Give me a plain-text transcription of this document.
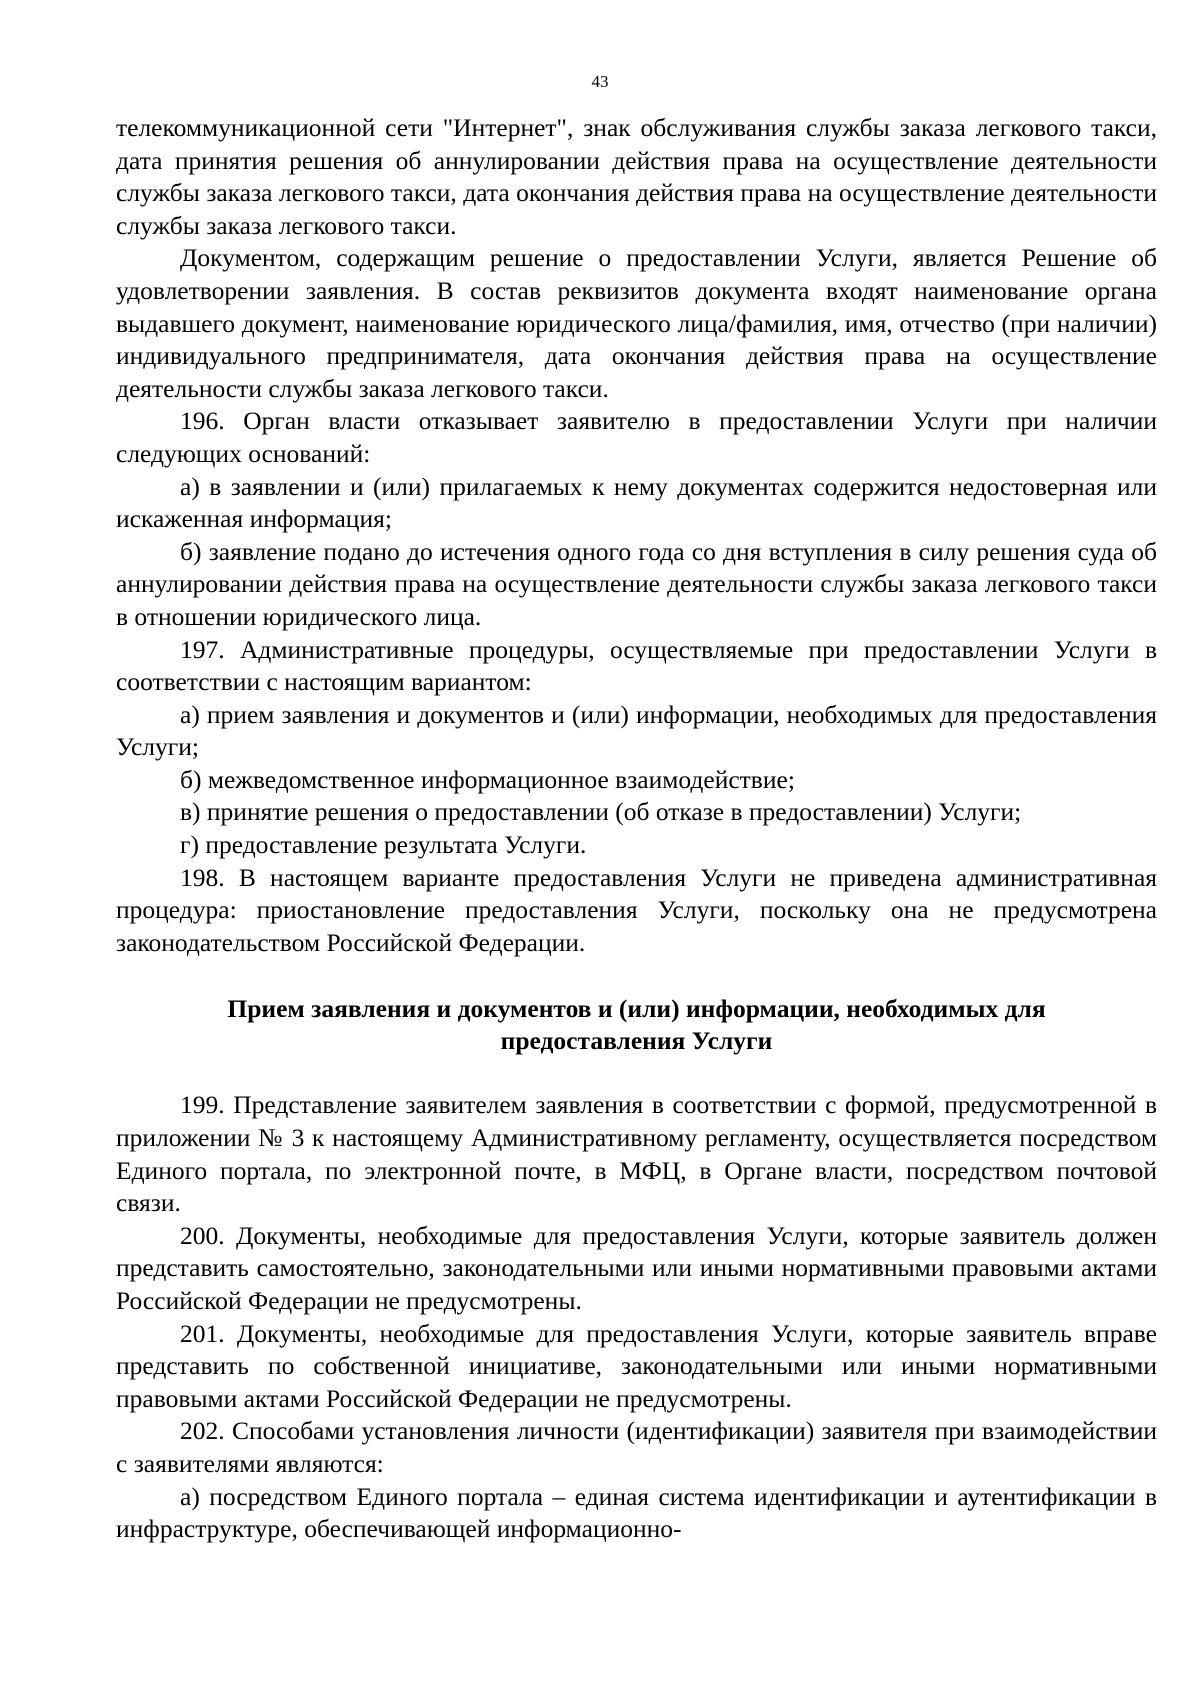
43

телекоммуникационной сети "Интернет", знак обслуживания службы заказа легкового такси, дата принятия решения об аннулировании действия права на осуществление деятельности службы заказа легкового такси, дата окончания действия права на осуществление деятельности службы заказа легкового такси.

Документом, содержащим решение о предоставлении Услуги, является Решение об удовлетворении заявления. В состав реквизитов документа входят наименование органа выдавшего документ, наименование юридического лица/фамилия, имя, отчество (при наличии) индивидуального предпринимателя, дата окончания действия права на осуществление деятельности службы заказа легкового такси.

196. Орган власти отказывает заявителю в предоставлении Услуги при наличии следующих оснований:

а) в заявлении и (или) прилагаемых к нему документах содержится недостоверная или искаженная информация;

б) заявление подано до истечения одного года со дня вступления в силу решения суда об аннулировании действия права на осуществление деятельности службы заказа легкового такси в отношении юридического лица.

197. Административные процедуры, осуществляемые при предоставлении Услуги в соответствии с настоящим вариантом:

а) прием заявления и документов и (или) информации, необходимых для предоставления Услуги;

б) межведомственное информационное взаимодействие;

в) принятие решения о предоставлении (об отказе в предоставлении) Услуги;

г) предоставление результата Услуги.

198. В настоящем варианте предоставления Услуги не приведена административная процедура: приостановление предоставления Услуги, поскольку она не предусмотрена законодательством Российской Федерации.

Прием заявления и документов и (или) информации, необходимых для
предоставления Услуги

199. Представление заявителем заявления в соответствии с формой, предусмотренной в приложении № 3 к настоящему Административному регламенту, осуществляется посредством Единого портала, по электронной почте, в МФЦ, в Органе власти, посредством почтовой связи.

200. Документы, необходимые для предоставления Услуги, которые заявитель должен представить самостоятельно, законодательными или иными нормативными правовыми актами Российской Федерации не предусмотрены.

201. Документы, необходимые для предоставления Услуги, которые заявитель вправе представить по собственной инициативе, законодательными или иными нормативными правовыми актами Российской Федерации не предусмотрены.

202. Способами установления личности (идентификации) заявителя при взаимодействии с заявителями являются:

а) посредством Единого портала – единая система идентификации и аутентификации в инфраструктуре, обеспечивающей информационно-
